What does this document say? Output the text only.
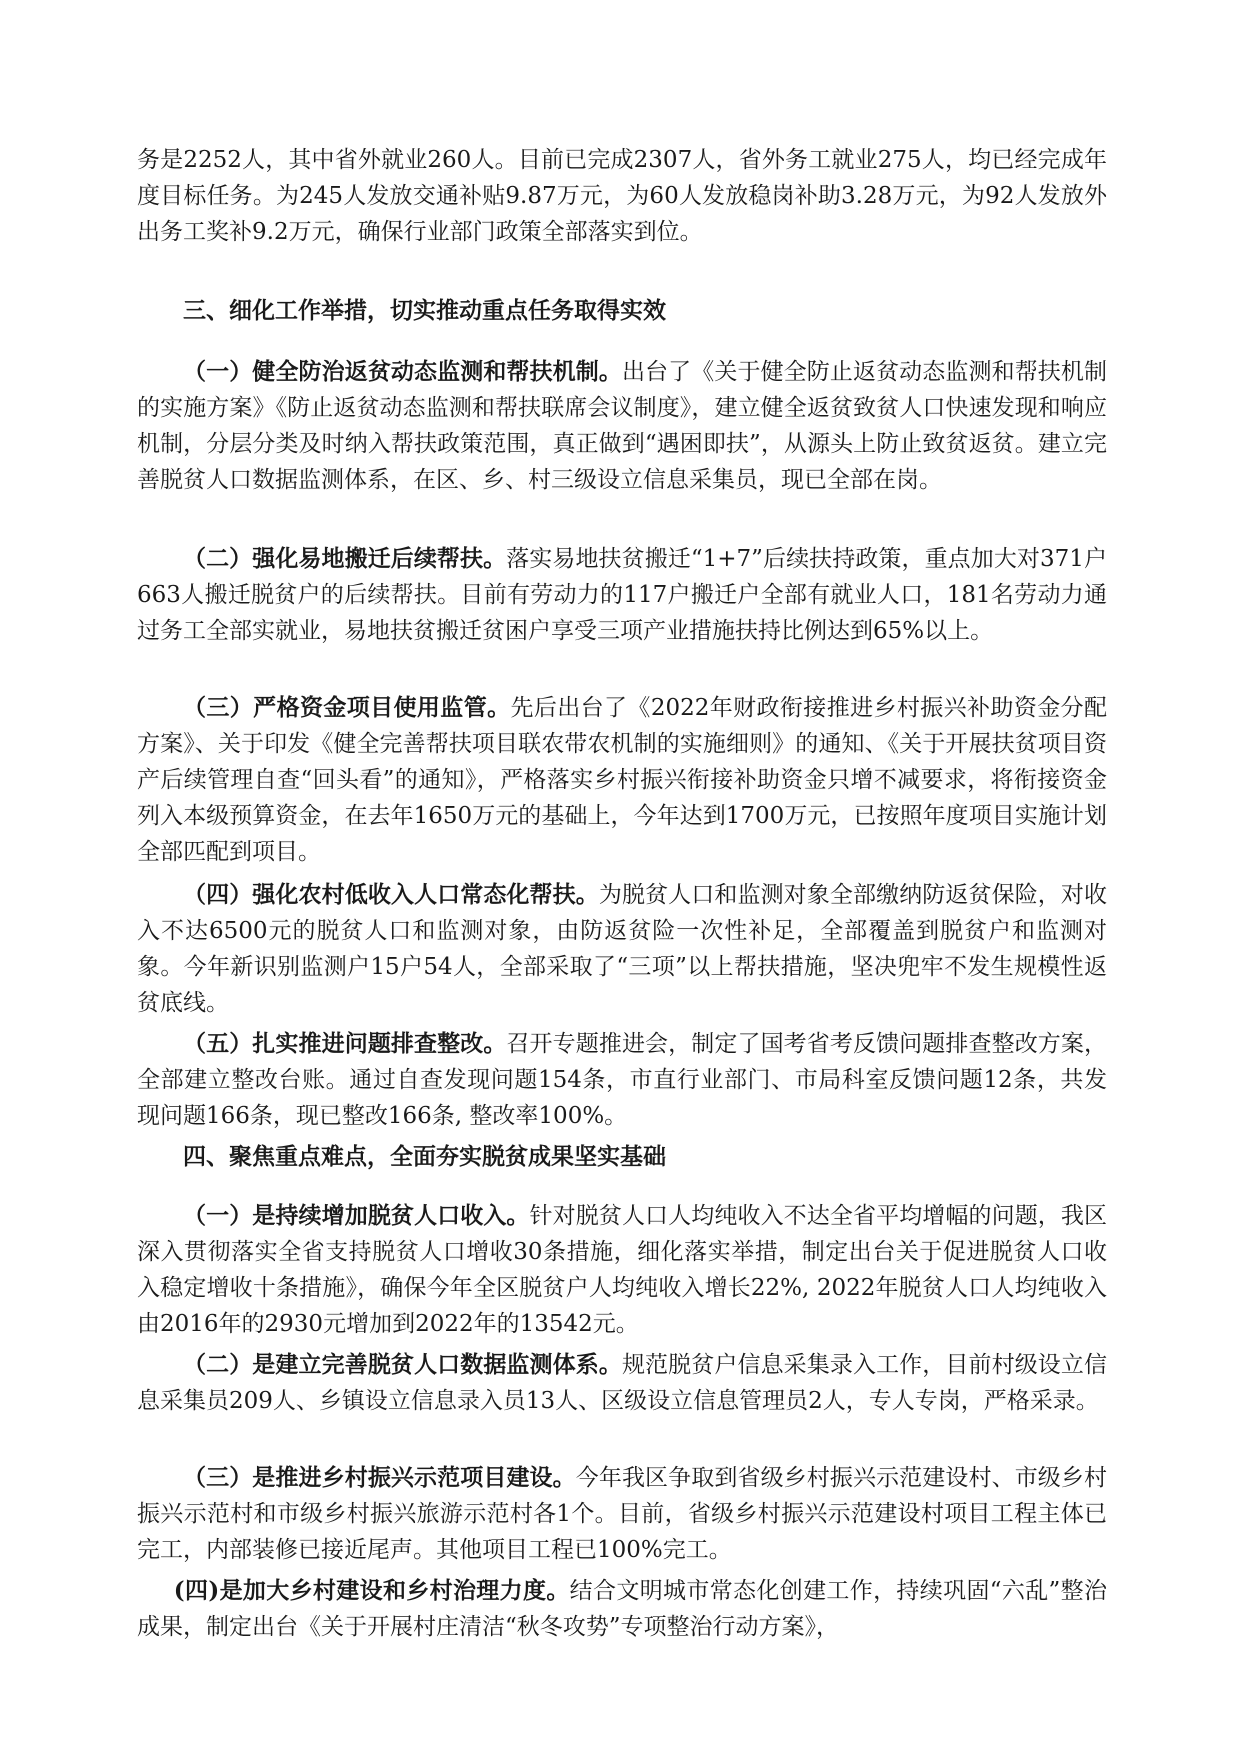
务是2252人，其中省外就业260人。目前已完成2307人，省外务工就业275人，均已经完成年度目标任务。为245人发放交通补贴9.87万元，为60人发放稳岗补助3.28万元，为92人发放外出务工奖补9.2万元，确保行业部门政策全部落实到位。

三、细化工作举措，切实推动重点任务取得实效

（一）健全防治返贫动态监测和帮扶机制。出台了《关于健全防止返贫动态监测和帮扶机制的实施方案》《防止返贫动态监测和帮扶联席会议制度》，建立健全返贫致贫人口快速发现和响应机制，分层分类及时纳入帮扶政策范围，真正做到“遇困即扶”，从源头上防止致贫返贫。建立完善脱贫人口数据监测体系，在区、乡、村三级设立信息采集员，现已全部在岗。

（二）强化易地搬迁后续帮扶。落实易地扶贫搬迁“1+7”后续扶持政策，重点加大对371户663人搬迁脱贫户的后续帮扶。目前有劳动力的117户搬迁户全部有就业人口，181名劳动力通过务工全部实就业，易地扶贫搬迁贫困户享受三项产业措施扶持比例达到65%以上。

（三）严格资金项目使用监管。先后出台了《2022年财政衔接推进乡村振兴补助资金分配方案》、关于印发《健全完善帮扶项目联农带农机制的实施细则》的通知、《关于开展扶贫项目资产后续管理自查“回头看”的通知》，严格落实乡村振兴衔接补助资金只增不减要求，将衔接资金列入本级预算资金，在去年1650万元的基础上，今年达到1700万元，已按照年度项目实施计划全部匹配到项目。

（四）强化农村低收入人口常态化帮扶。为脱贫人口和监测对象全部缴纳防返贫保险，对收入不达6500元的脱贫人口和监测对象，由防返贫险一次性补足，全部覆盖到脱贫户和监测对象。今年新识别监测户15户54人，全部采取了“三项”以上帮扶措施，坚决兜牢不发生规模性返贫底线。

（五）扎实推进问题排查整改。召开专题推进会，制定了国考省考反馈问题排查整改方案，全部建立整改台账。通过自查发现问题154条，市直行业部门、市局科室反馈问题12条，共发现问题166条，现已整改166条, 整改率100%。

四、聚焦重点难点，全面夯实脱贫成果坚实基础

（一）是持续增加脱贫人口收入。针对脱贫人口人均纯收入不达全省平均增幅的问题，我区深入贯彻落实全省支持脱贫人口增收30条措施，细化落实举措，制定出台关于促进脱贫人口收入稳定增收十条措施》，确保今年全区脱贫户人均纯收入增长22%, 2022年脱贫人口人均纯收入由2016年的2930元增加到2022年的13542元。

（二）是建立完善脱贫人口数据监测体系。规范脱贫户信息采集录入工作，目前村级设立信息采集员209人、乡镇设立信息录入员13人、区级设立信息管理员2人，专人专岗，严格采录。

（三）是推进乡村振兴示范项目建设。今年我区争取到省级乡村振兴示范建设村、市级乡村振兴示范村和市级乡村振兴旅游示范村各1个。目前，省级乡村振兴示范建设村项目工程主体已完工，内部装修已接近尾声。其他项目工程已100%完工。

(四)是加大乡村建设和乡村治理力度。结合文明城市常态化创建工作，持续巩固“六乱”整治成果，制定出台《关于开展村庄清洁“秋冬攻势”专项整治行动方案》，
